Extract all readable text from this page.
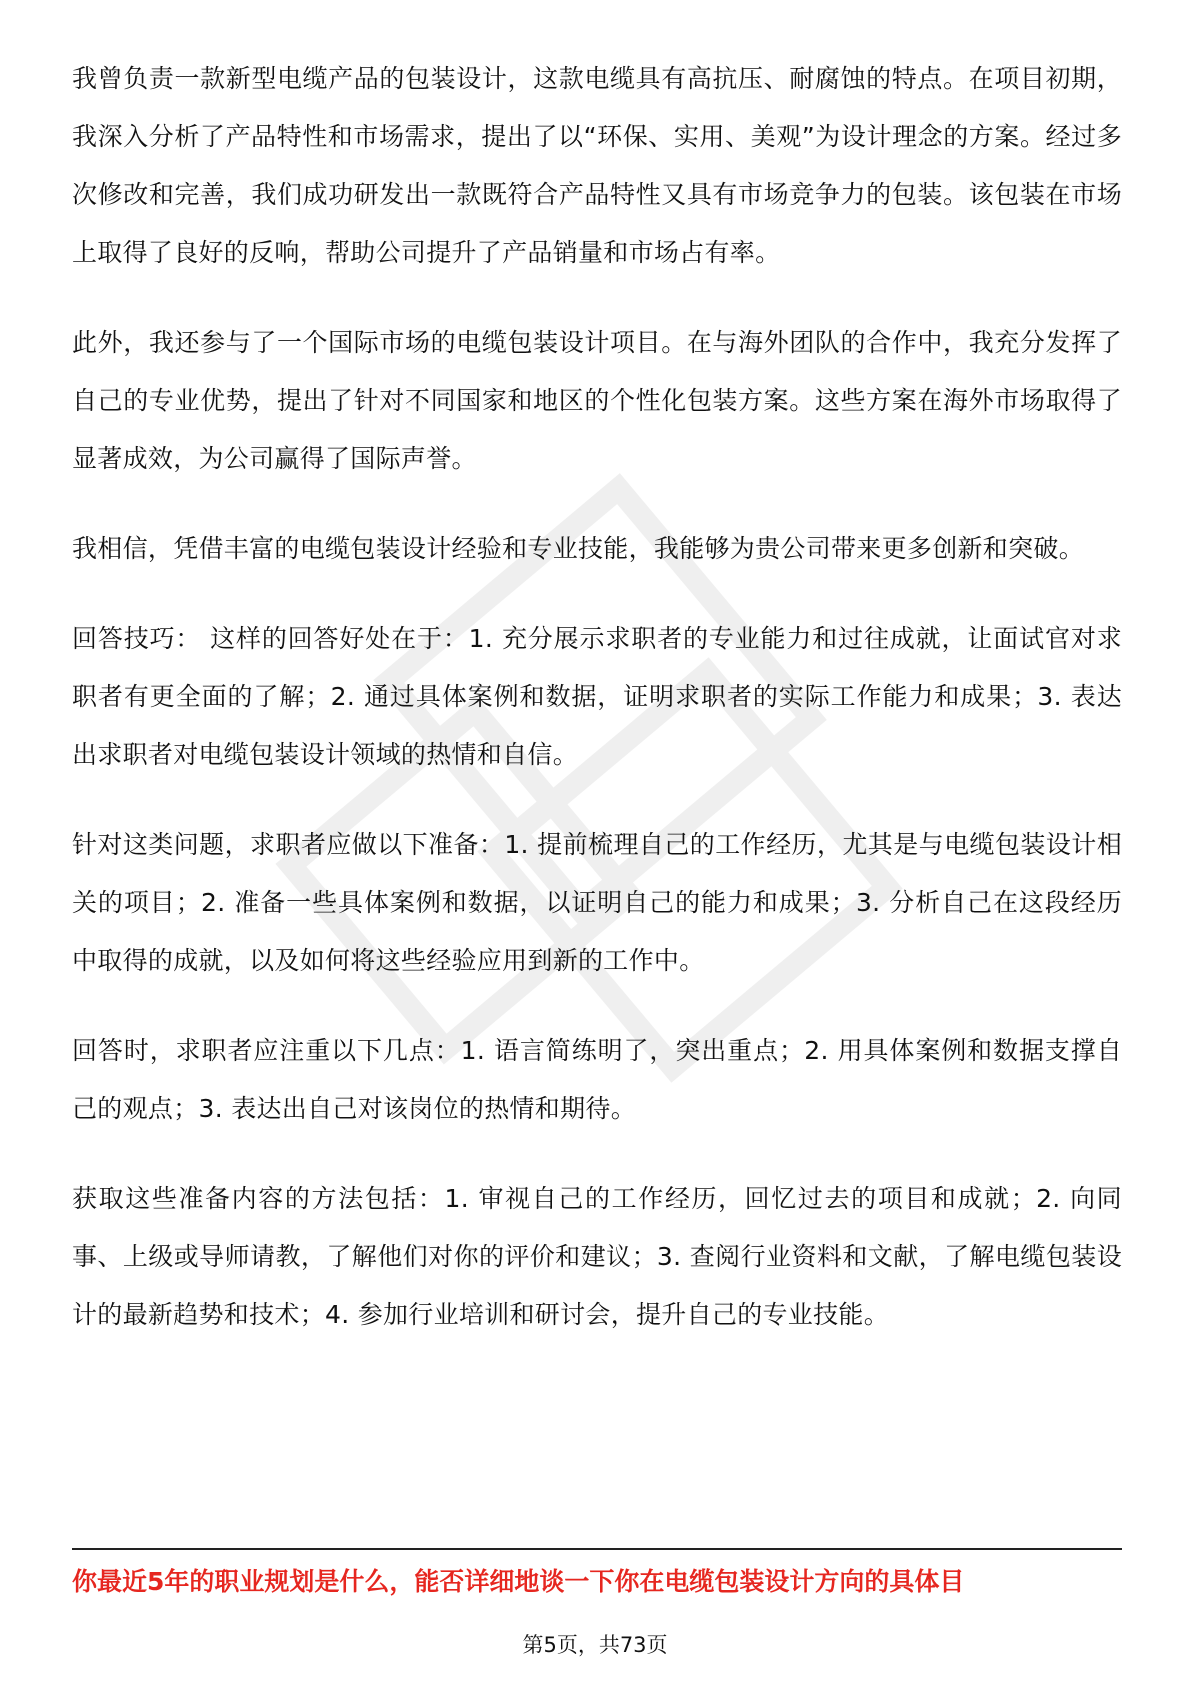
我曾负责一款新型电缆产品的包装设计，这款电缆具有高抗压、耐腐蚀的特点。在项目初期，我深入分析了产品特性和市场需求，提出了以“环保、实用、美观”为设计理念的方案。经过多次修改和完善，我们成功研发出一款既符合产品特性又具有市场竞争力的包装。该包装在市场上取得了良好的反响，帮助公司提升了产品销量和市场占有率。

此外，我还参与了一个国际市场的电缆包装设计项目。在与海外团队的合作中，我充分发挥了自己的专业优势，提出了针对不同国家和地区的个性化包装方案。这些方案在海外市场取得了显著成效，为公司赢得了国际声誉。

我相信，凭借丰富的电缆包装设计经验和专业技能，我能够为贵公司带来更多创新和突破。

回答技巧： 这样的回答好处在于：1. 充分展示求职者的专业能力和过往成就，让面试官对求职者有更全面的了解；2. 通过具体案例和数据，证明求职者的实际工作能力和成果；3. 表达出求职者对电缆包装设计领域的热情和自信。

针对这类问题，求职者应做以下准备：1. 提前梳理自己的工作经历，尤其是与电缆包装设计相关的项目；2. 准备一些具体案例和数据，以证明自己的能力和成果；3. 分析自己在这段经历中取得的成就，以及如何将这些经验应用到新的工作中。

回答时，求职者应注重以下几点：1. 语言简练明了，突出重点；2. 用具体案例和数据支撑自己的观点；3. 表达出自己对该岗位的热情和期待。

获取这些准备内容的方法包括：1. 审视自己的工作经历，回忆过去的项目和成就；2. 向同事、上级或导师请教，了解他们对你的评价和建议；3. 查阅行业资料和文献，了解电缆包装设计的最新趋势和技术；4. 参加行业培训和研讨会，提升自己的专业技能。

你最近5年的职业规划是什么，能否详细地谈一下你在电缆包装设计方向的具体目
第5页，共73页
